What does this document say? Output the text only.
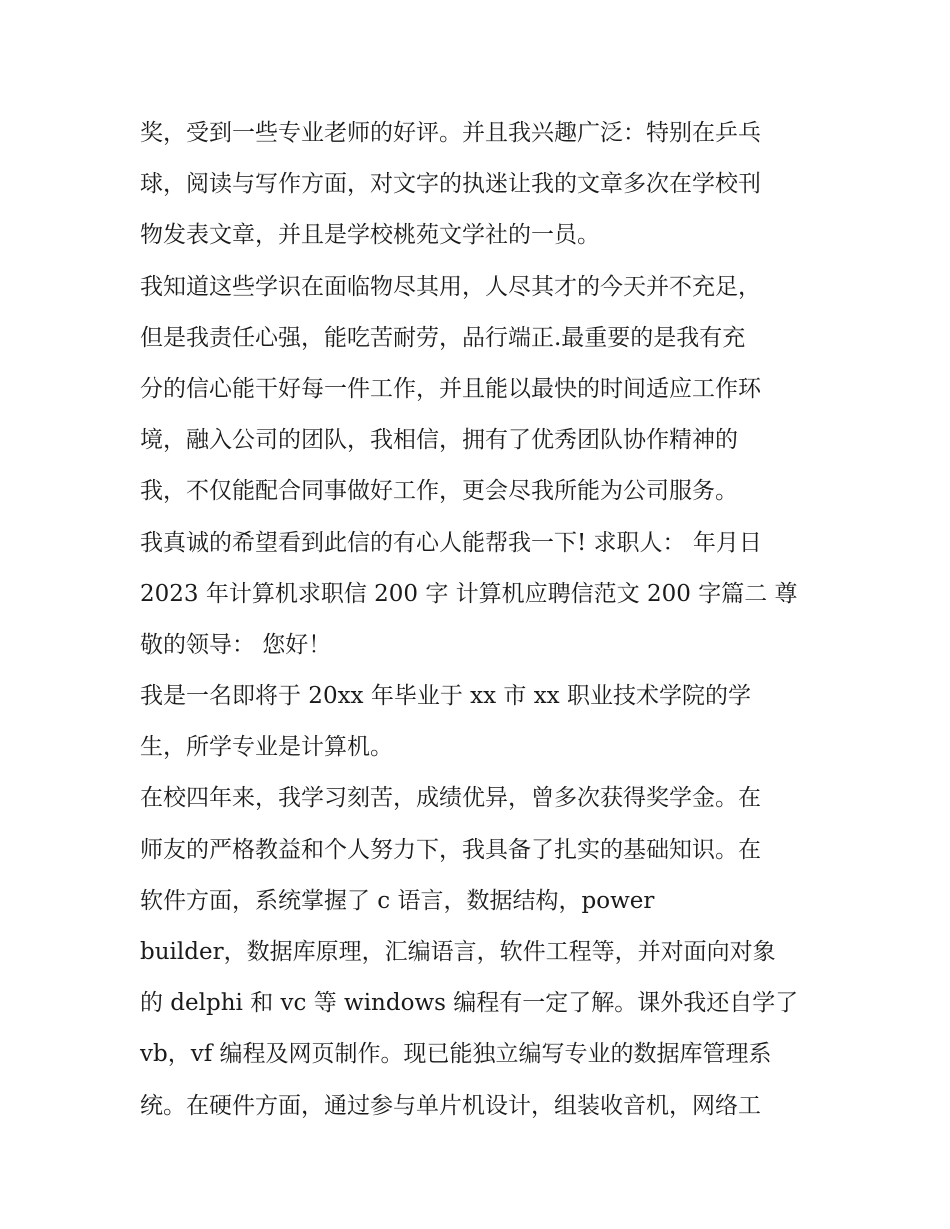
奖，受到一些专业老师的好评。并且我兴趣广泛：特别在乒乓
球，阅读与写作方面，对文字的执迷让我的文章多次在学校刊
物发表文章，并且是学校桃苑文学社的一员。
我知道这些学识在面临物尽其用，人尽其才的今天并不充足，
但是我责任心强，能吃苦耐劳，品行端正.最重要的是我有充
分的信心能干好每一件工作，并且能以最快的时间适应工作环
境，融入公司的团队，我相信，拥有了优秀团队协作精神的
我，不仅能配合同事做好工作，更会尽我所能为公司服务。
我真诚的希望看到此信的有心人能帮我一下! 求职人： 年月日
2023 年计算机求职信 200 字 计算机应聘信范文 200 字篇二 尊
敬的领导： 您好！
我是一名即将于 20xx 年毕业于 xx 市 xx 职业技术学院的学
生，所学专业是计算机。
在校四年来，我学习刻苦，成绩优异，曾多次获得奖学金。在
师友的严格教益和个人努力下，我具备了扎实的基础知识。在
软件方面，系统掌握了 c 语言，数据结构，power
builder，数据库原理，汇编语言，软件工程等，并对面向对象
的 delphi 和 vc 等 windows 编程有一定了解。课外我还自学了
vb，vf 编程及网页制作。现已能独立编写专业的数据库管理系
统。在硬件方面，通过参与单片机设计，组装收音机，网络工
